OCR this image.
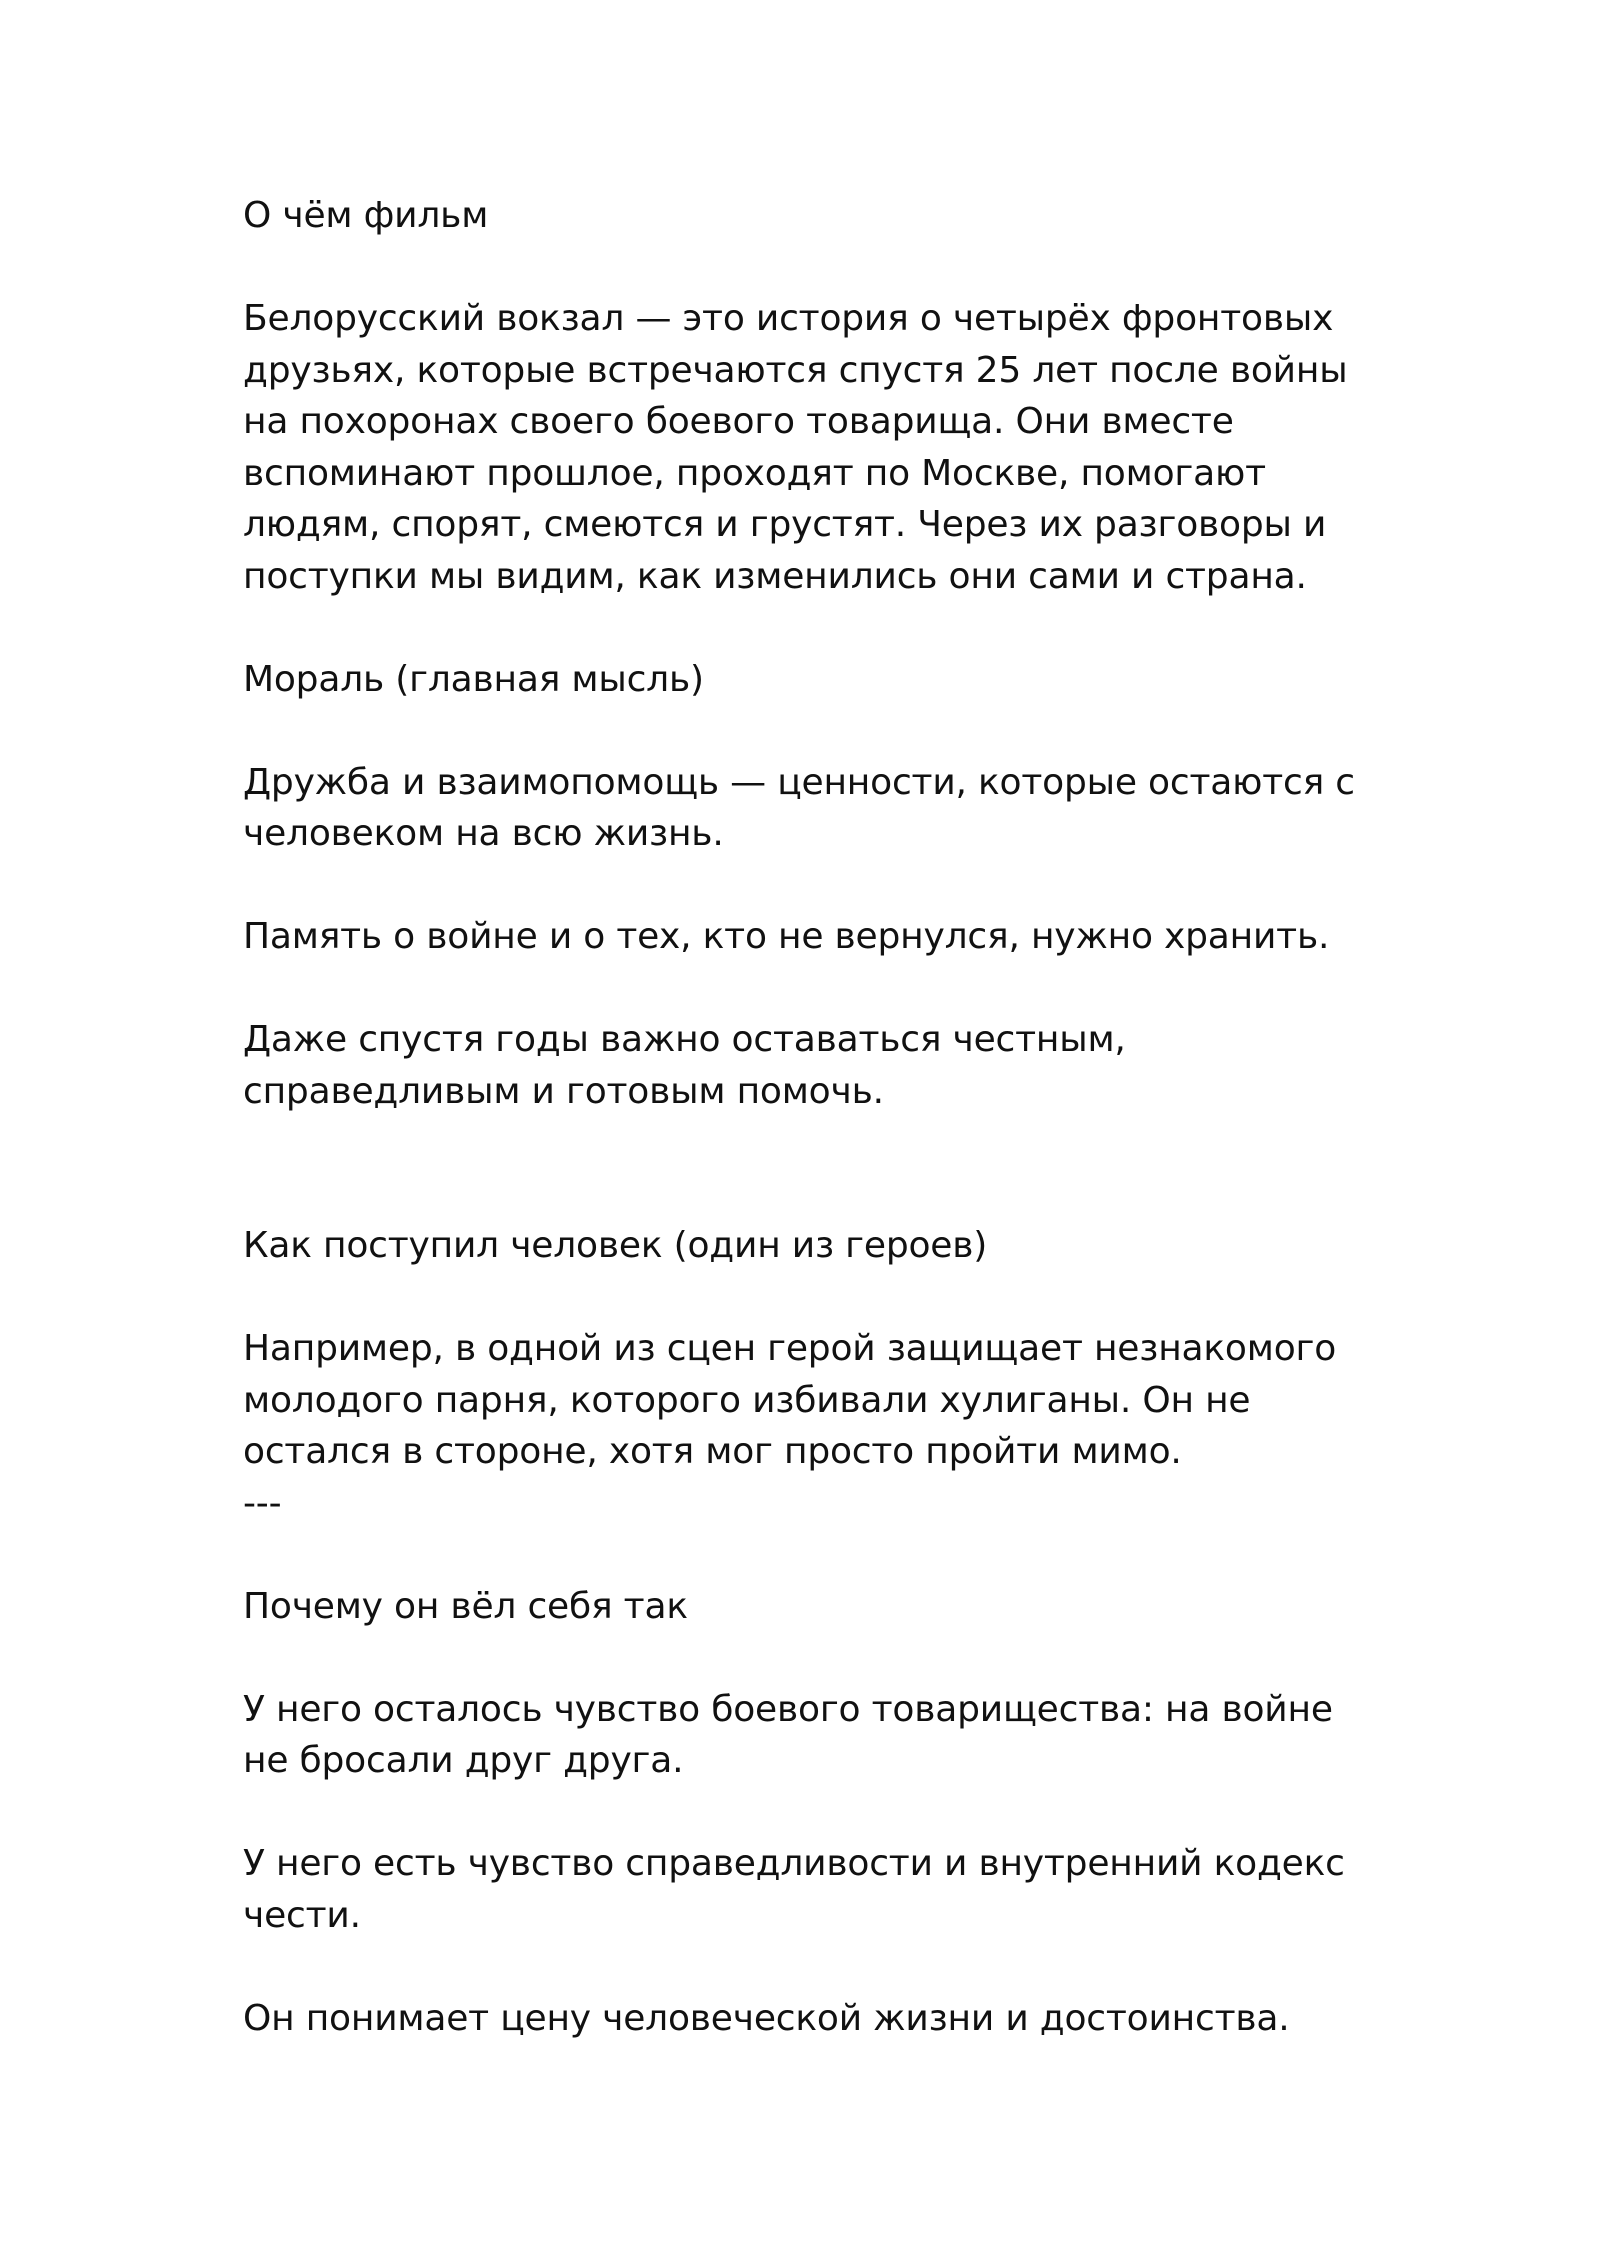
О чём фильм

Белорусский вокзал — это история о четырёх фронтовых

друзьях, которые встречаются спустя 25 лет после войны

на похоронах своего боевого товарища. Они вместе

вспоминают прошлое, проходят по Москве, помогают

людям, спорят, смеются и грустят. Через их разговоры и

поступки мы видим, как изменились они сами и страна.

Мораль (главная мысль)

Дружба и взаимопомощь — ценности, которые остаются с

человеком на всю жизнь.

Память о войне и о тех, кто не вернулся, нужно хранить.

Даже спустя годы важно оставаться честным,

справедливым и готовым помочь.

Как поступил человек (один из героев)

Например, в одной из сцен герой защищает незнакомого

молодого парня, которого избивали хулиганы. Он не

остался в стороне, хотя мог просто пройти мимо.

---

Почему он вёл себя так

У него осталось чувство боевого товарищества: на войне

не бросали друг друга.

У него есть чувство справедливости и внутренний кодекс

чести.

Он понимает цену человеческой жизни и достоинства.
